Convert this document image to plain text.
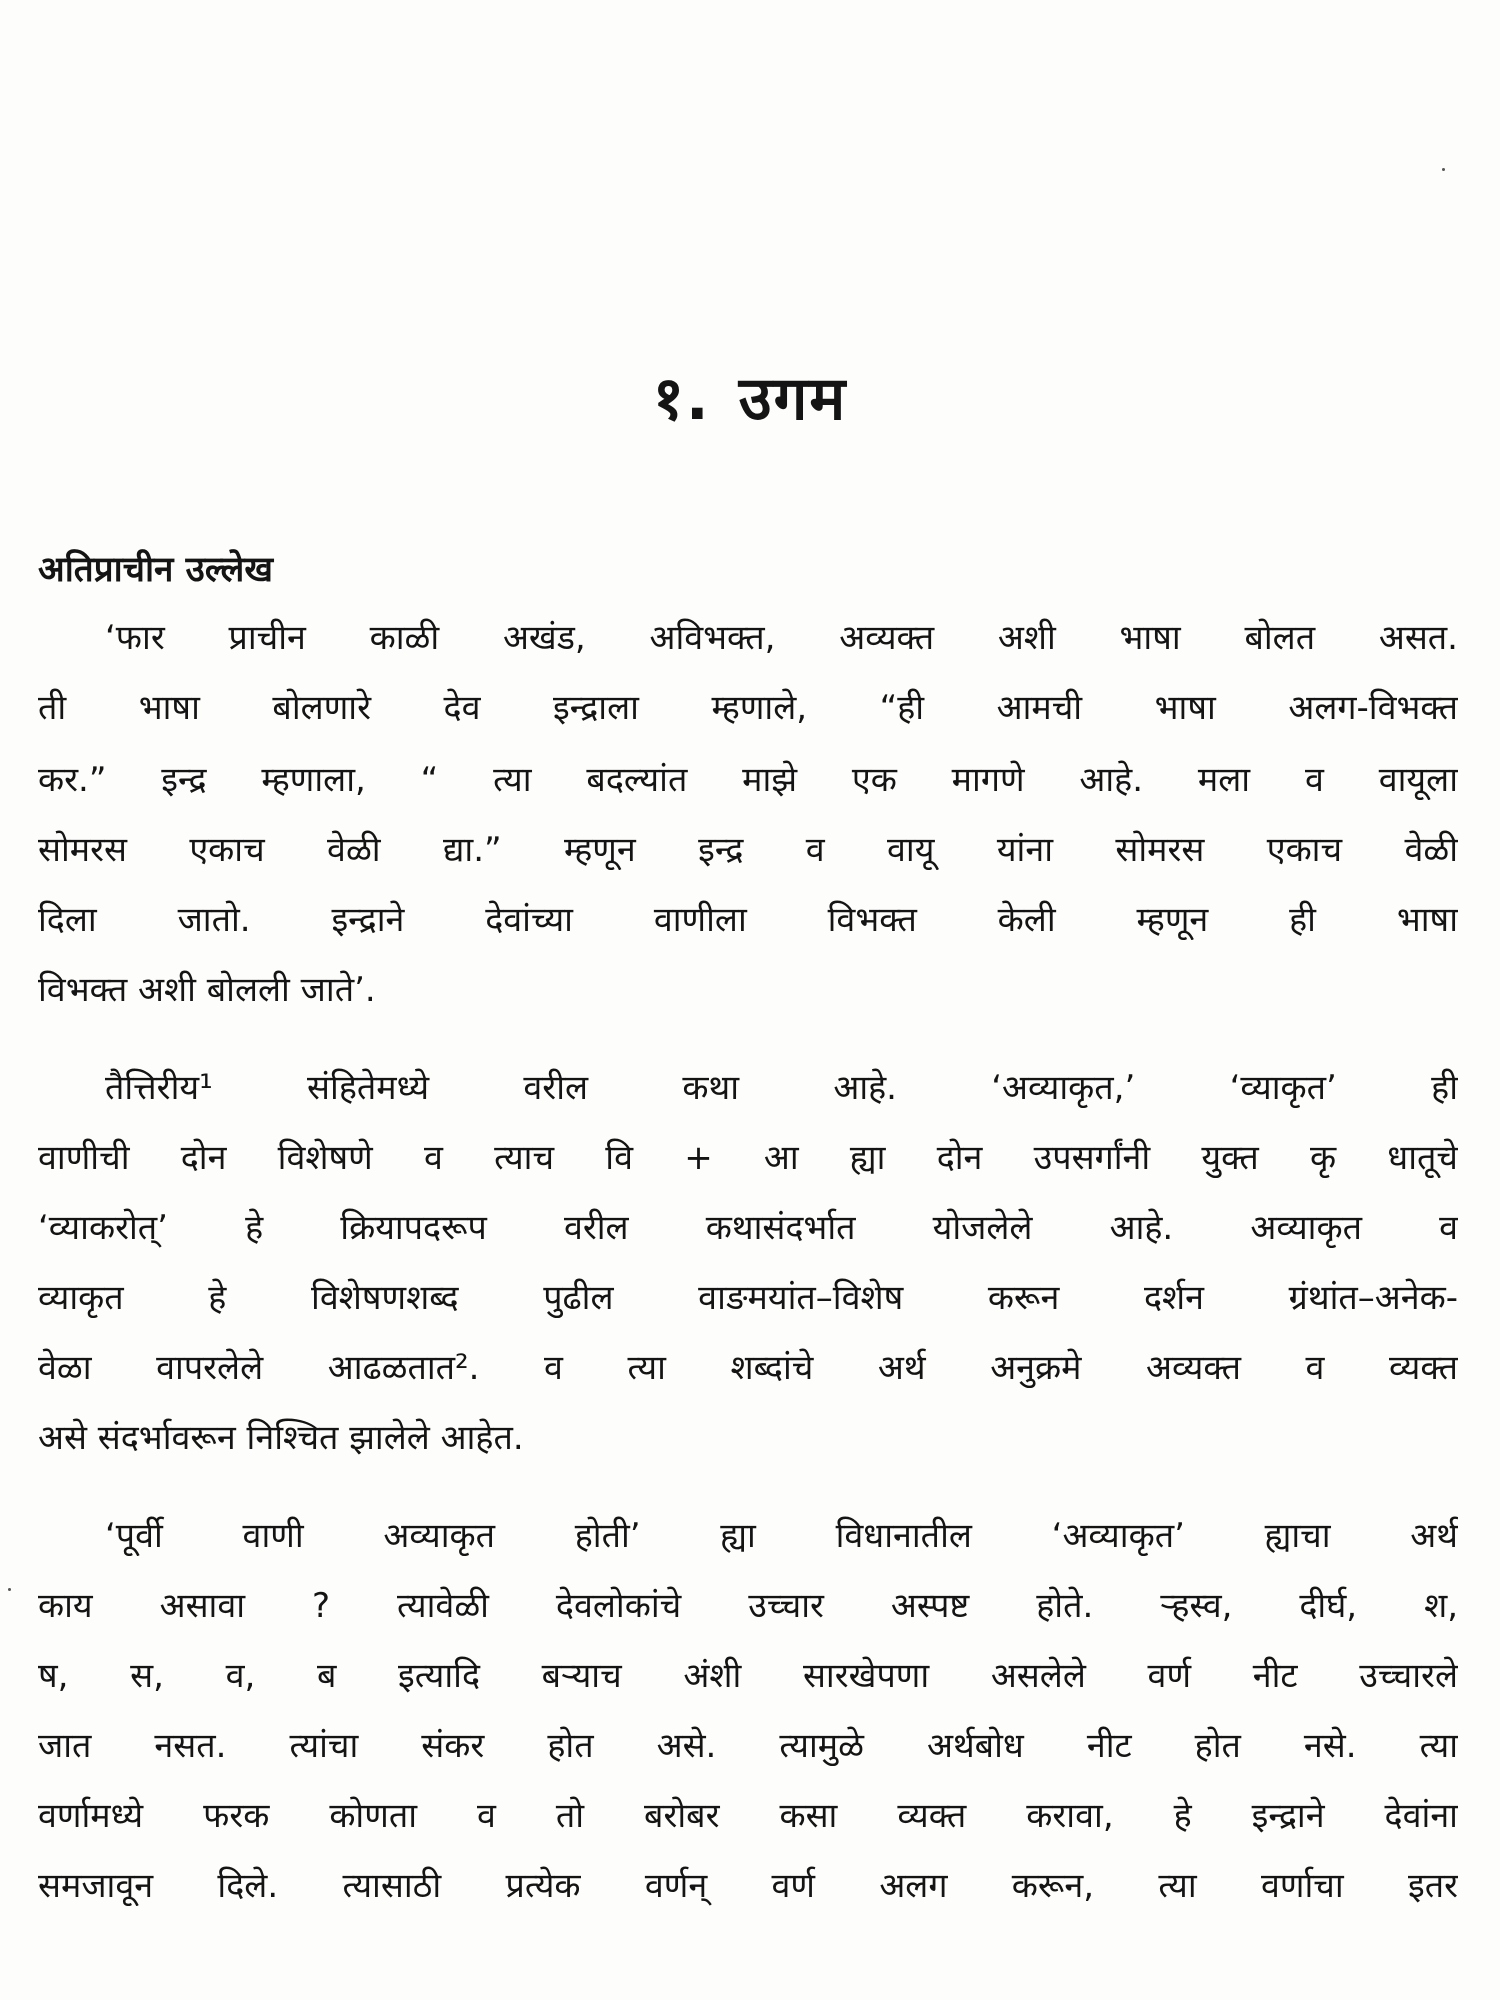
१. उगम
अतिप्राचीन उल्लेख
‘फार प्राचीन काळी अखंड, अविभक्त, अव्यक्त अशी भाषा बोलत असत.
ती भाषा बोलणारे देव इन्द्राला म्हणाले, “ही आमची भाषा अलग-विभक्त
कर.” इन्द्र म्हणाला, “ त्या बदल्यांत माझे एक मागणे आहे. मला व वायूला
सोमरस एकाच वेळी द्या.” म्हणून इन्द्र व वायू यांना सोमरस एकाच वेळी
दिला जातो. इन्द्राने देवांच्या वाणीला विभक्त केली म्हणून ही भाषा
विभक्त अशी बोलली जाते’.
तैत्तिरीय¹ संहितेमध्ये वरील कथा आहे. ‘अव्याकृत,’ ‘व्याकृत’ ही
वाणीची दोन विशेषणे व त्याच वि + आ ह्या दोन उपसर्गांनी युक्त कृ धातूचे
‘व्याकरोत्’ हे क्रियापदरूप वरील कथासंदर्भात योजलेले आहे. अव्याकृत व
व्याकृत हे विशेषणशब्द पुढील वाङमयांत–विशेष करून दर्शन ग्रंथांत–अनेक-
वेळा वापरलेले आढळतात². व त्या शब्दांचे अर्थ अनुक्रमे अव्यक्त व व्यक्त
असे संदर्भावरून निश्चित झालेले आहेत.
‘पूर्वी वाणी अव्याकृत होती’ ह्या विधानातील ‘अव्याकृत’ ह्याचा अर्थ
काय असावा ? त्यावेळी देवलोकांचे उच्चार अस्पष्ट होते. ऱ्हस्व, दीर्घ, श,
ष, स, व, ब इत्यादि बऱ्याच अंशी सारखेपणा असलेले वर्ण नीट उच्चारले
जात नसत. त्यांचा संकर होत असे. त्यामुळे अर्थबोध नीट होत नसे. त्या
वर्णामध्ये फरक कोणता व तो बरोबर कसा व्यक्त करावा, हे इन्द्राने देवांना
समजावून दिले. त्यासाठी प्रत्येक वर्णन् वर्ण अलग करून, त्या वर्णाचा इतर
